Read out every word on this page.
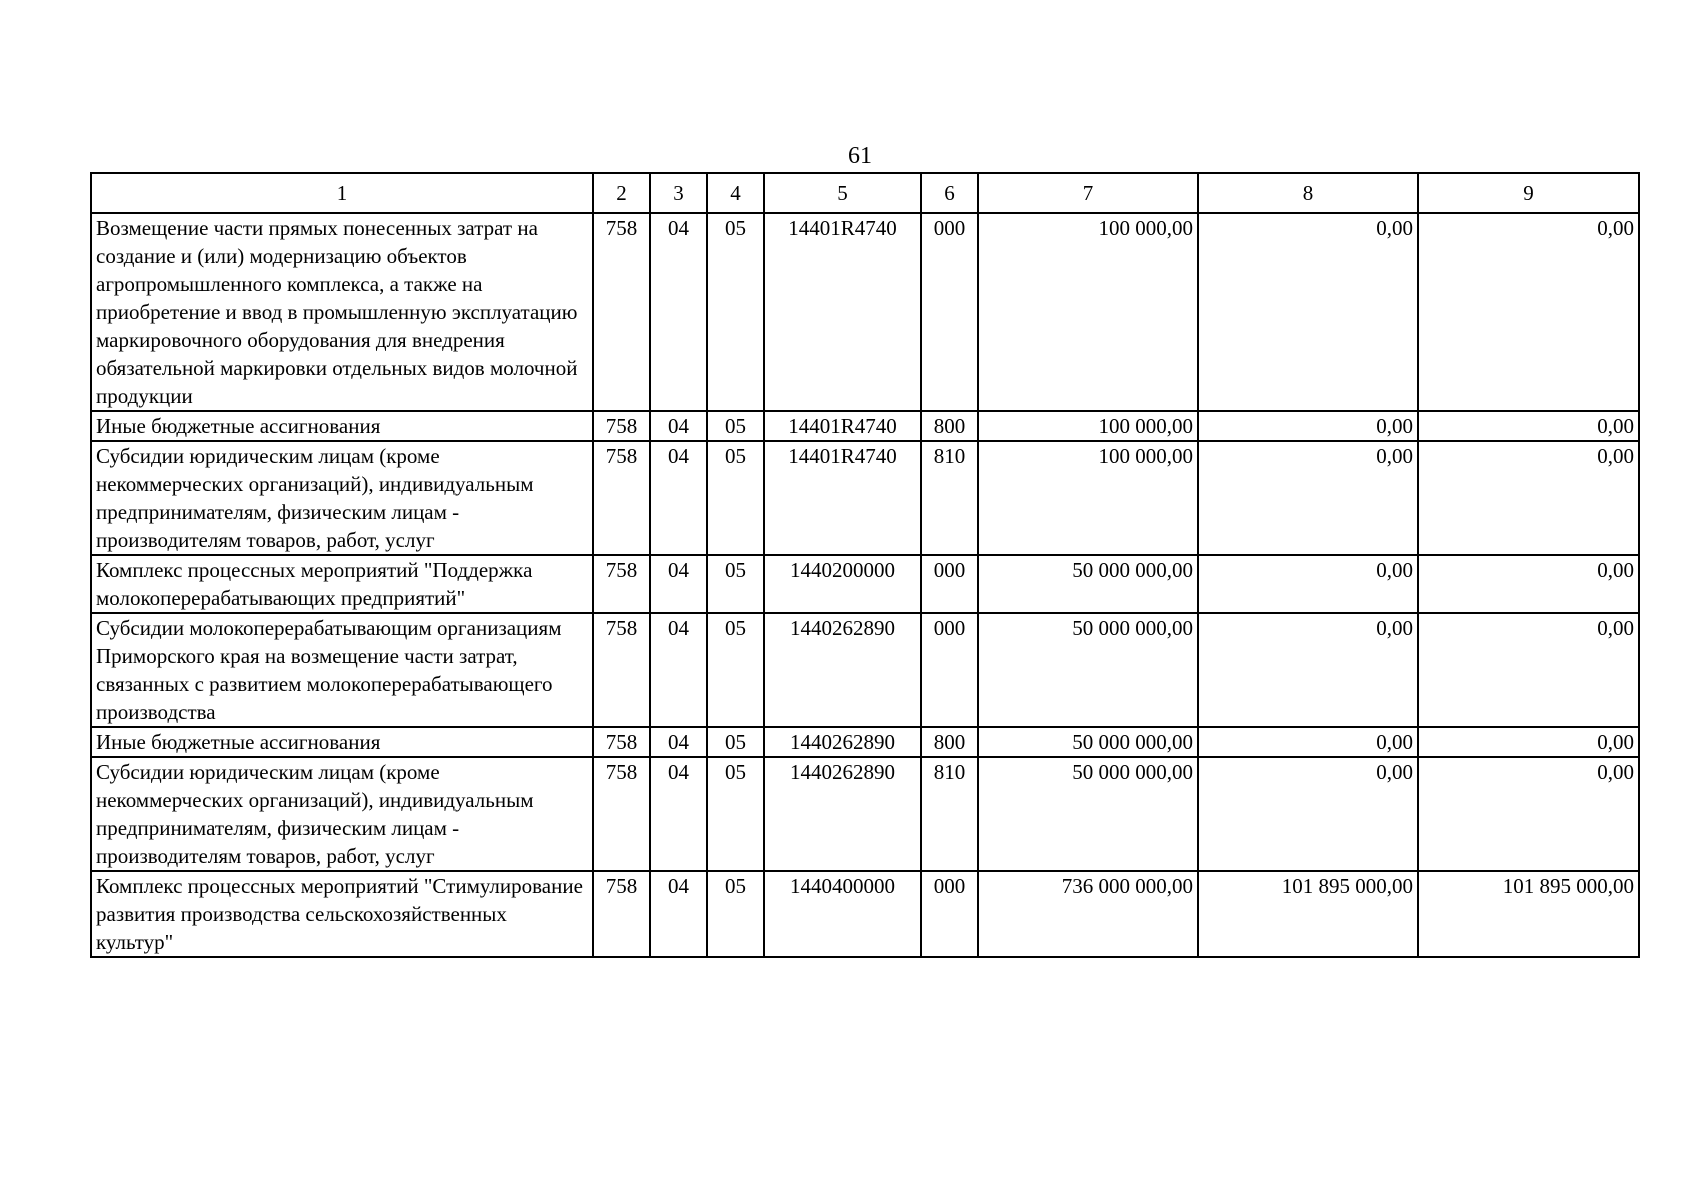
61
1	2	3	4	5	6	7	8	9
Возмещение части прямых понесенных затрат на создание и (или) модернизацию объектов агропромышленного комплекса, а также на приобретение и ввод в промышленную эксплуатацию маркировочного оборудования для внедрения обязательной маркировки отдельных видов молочной продукции	758	04	05	14401R4740	000	100 000,00	0,00	0,00
Иные бюджетные ассигнования	758	04	05	14401R4740	800	100 000,00	0,00	0,00
Субсидии юридическим лицам (кроме некоммерческих организаций), индивидуальным предпринимателям, физическим лицам - производителям товаров, работ, услуг	758	04	05	14401R4740	810	100 000,00	0,00	0,00
Комплекс процессных мероприятий "Поддержка молокоперерабатывающих предприятий"	758	04	05	1440200000	000	50 000 000,00	0,00	0,00
Субсидии молокоперерабатывающим организациям Приморского края на возмещение части затрат, связанных с развитием молокоперерабатывающего производства	758	04	05	1440262890	000	50 000 000,00	0,00	0,00
Иные бюджетные ассигнования	758	04	05	1440262890	800	50 000 000,00	0,00	0,00
Субсидии юридическим лицам (кроме некоммерческих организаций), индивидуальным предпринимателям, физическим лицам - производителям товаров, работ, услуг	758	04	05	1440262890	810	50 000 000,00	0,00	0,00
Комплекс процессных мероприятий "Стимулирование развития производства сельскохозяйственных культур"	758	04	05	1440400000	000	736 000 000,00	101 895 000,00	101 895 000,00
